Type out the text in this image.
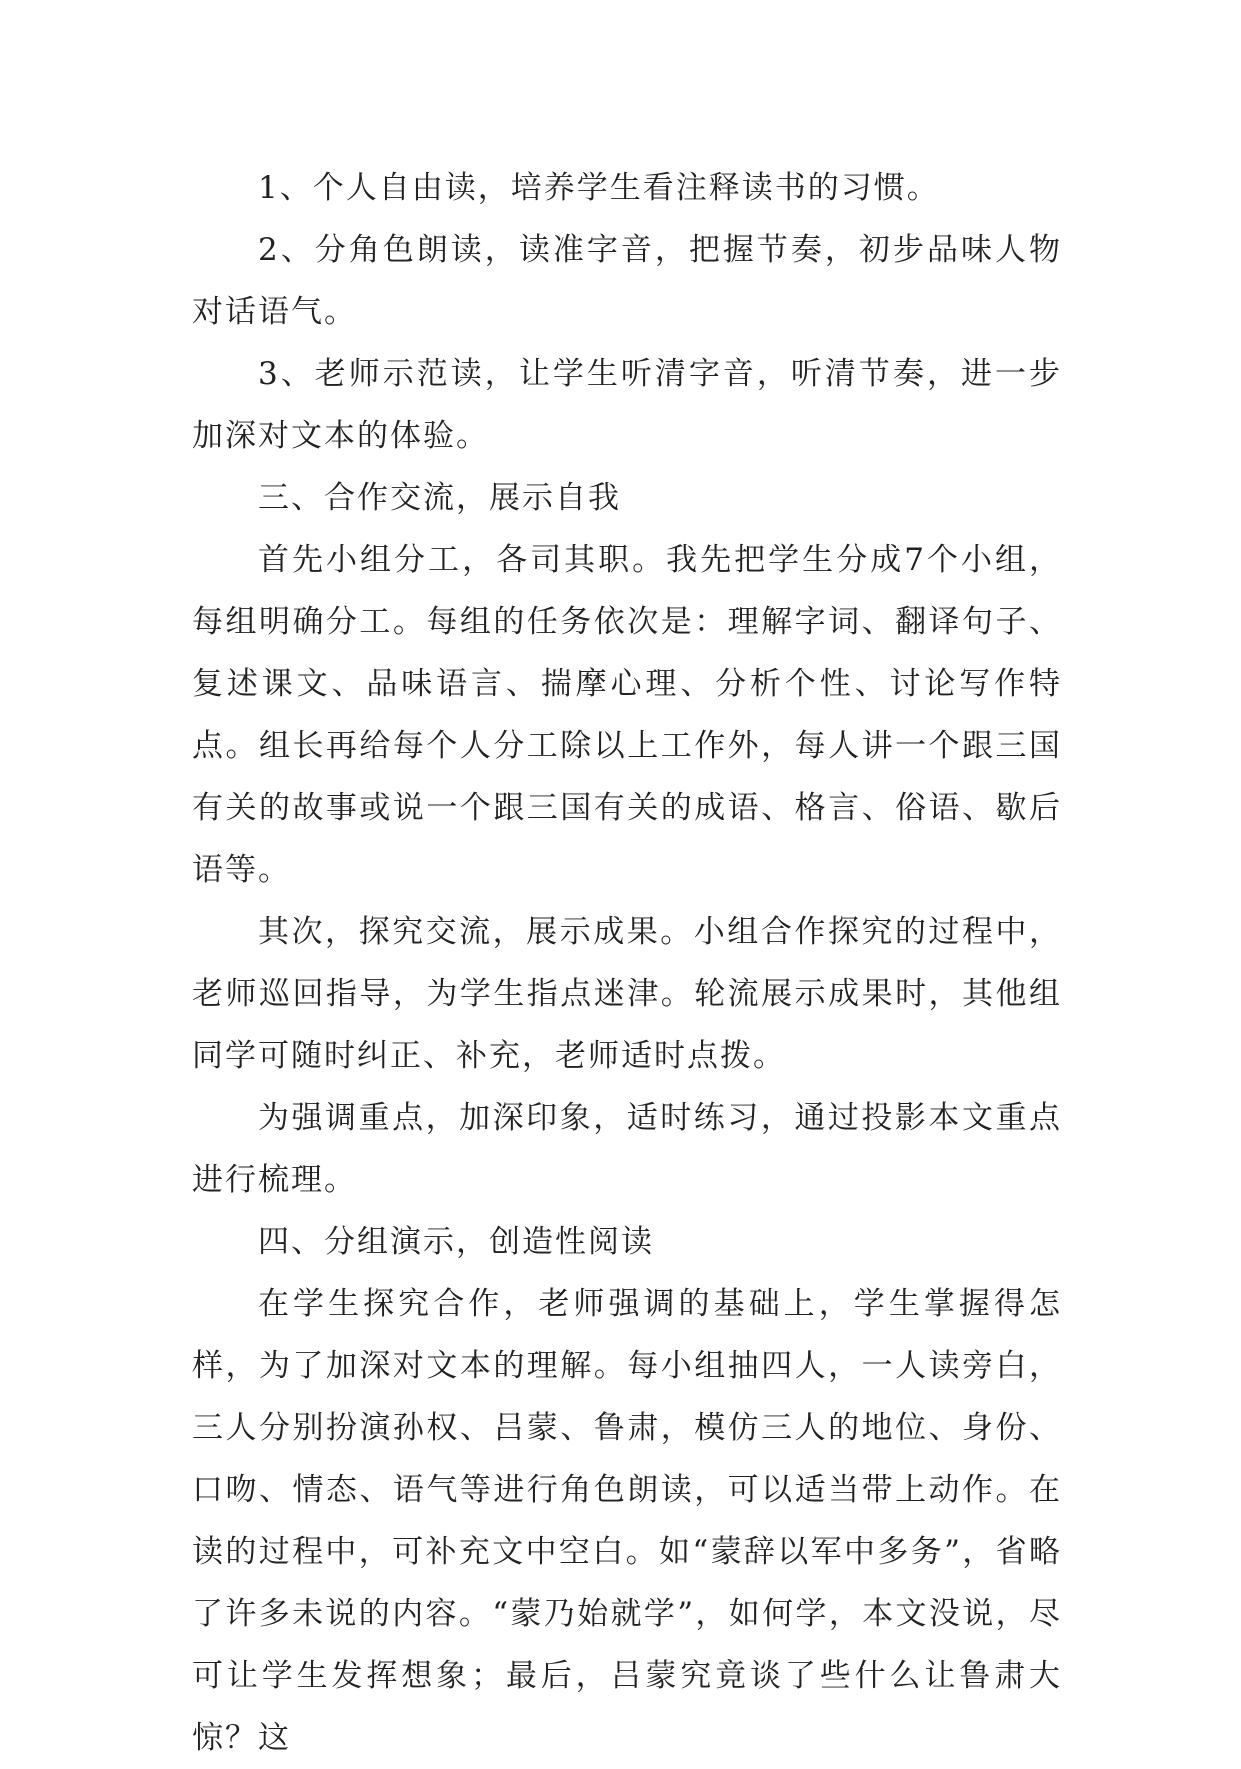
1、个人自由读，培养学生看注释读书的习惯。

2、分角色朗读，读准字音，把握节奏，初步品味人物对话语气。

3、老师示范读，让学生听清字音，听清节奏，进一步加深对文本的体验。

三、合作交流，展示自我

首先小组分工，各司其职。我先把学生分成7个小组，每组明确分工。每组的任务依次是：理解字词、翻译句子、复述课文、品味语言、揣摩心理、分析个性、讨论写作特点。组长再给每个人分工除以上工作外，每人讲一个跟三国有关的故事或说一个跟三国有关的成语、格言、俗语、歇后语等。

其次，探究交流，展示成果。小组合作探究的过程中，老师巡回指导，为学生指点迷津。轮流展示成果时，其他组同学可随时纠正、补充，老师适时点拨。

为强调重点，加深印象，适时练习，通过投影本文重点进行梳理。

四、分组演示，创造性阅读

在学生探究合作，老师强调的基础上，学生掌握得怎样，为了加深对文本的理解。每小组抽四人，一人读旁白，三人分别扮演孙权、吕蒙、鲁肃，模仿三人的地位、身份、口吻、情态、语气等进行角色朗读，可以适当带上动作。在读的过程中，可补充文中空白。如“蒙辞以军中多务”，省略了许多未说的内容。“蒙乃始就学”，如何学，本文没说，尽可让学生发挥想象；最后，吕蒙究竟谈了些什么让鲁肃大惊？这
